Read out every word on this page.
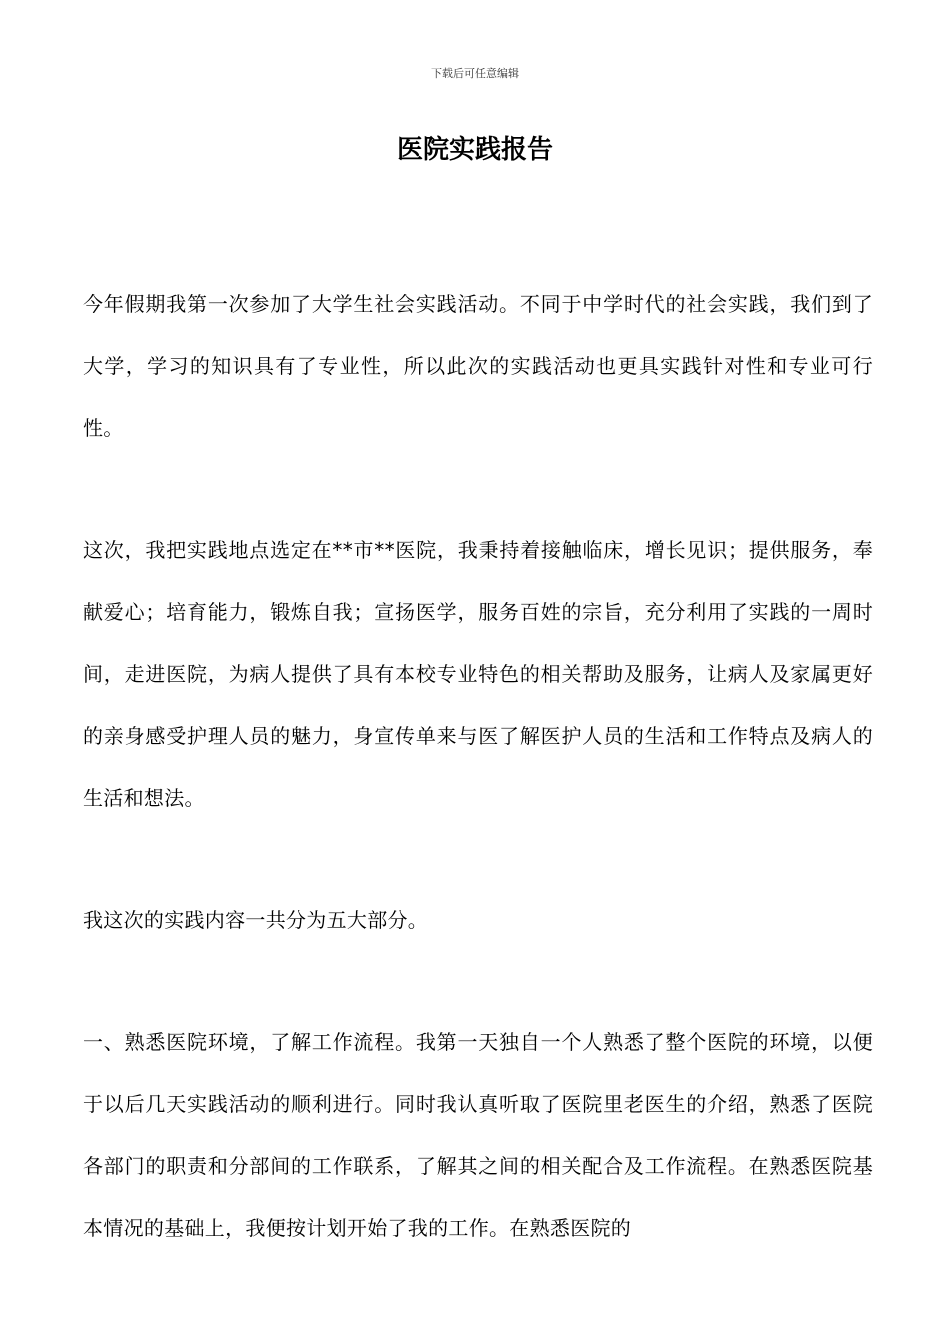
下载后可任意编辑
医院实践报告

今年假期我第一次参加了大学生社会实践活动。不同于中学时代的社会实践，我们到了大学，学习的知识具有了专业性，所以此次的实践活动也更具实践针对性和专业可行性。

这次，我把实践地点选定在**市**医院，我秉持着接触临床，增长见识；提供服务，奉献爱心；培育能力，锻炼自我；宣扬医学，服务百姓的宗旨，充分利用了实践的一周时间，走进医院，为病人提供了具有本校专业特色的相关帮助及服务，让病人及家属更好的亲身感受护理人员的魅力，身宣传单来与医了解医护人员的生活和工作特点及病人的生活和想法。

我这次的实践内容一共分为五大部分。

一、熟悉医院环境，了解工作流程。我第一天独自一个人熟悉了整个医院的环境，以便于以后几天实践活动的顺利进行。同时我认真听取了医院里老医生的介绍，熟悉了医院各部门的职责和分部间的工作联系，了解其之间的相关配合及工作流程。在熟悉医院基本情况的基础上，我便按计划开始了我的工作。在熟悉医院的
